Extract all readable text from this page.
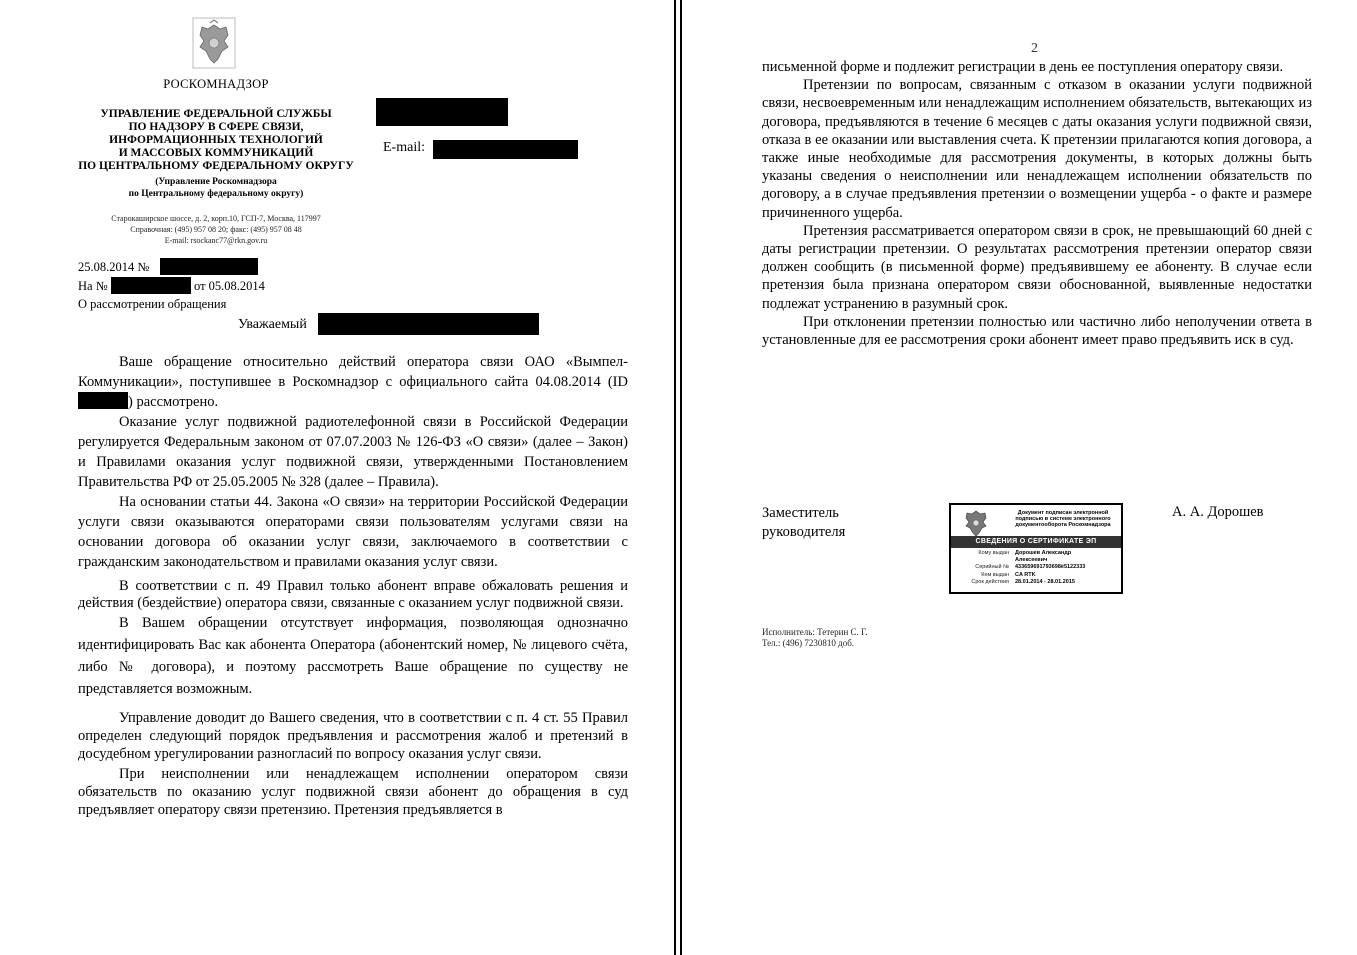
РОСКОМНАДЗОР
УПРАВЛЕНИЕ ФЕДЕРАЛЬНОЙ СЛУЖБЫ
ПО НАДЗОРУ В СФЕРЕ СВЯЗИ,
ИНФОРМАЦИОННЫХ ТЕХНОЛОГИЙ
И МАССОВЫХ КОММУНИКАЦИЙ
ПО ЦЕНТРАЛЬНОМУ ФЕДЕРАЛЬНОМУ ОКРУГУ
(Управление Роскомнадзора
по Центральному федеральному округу)
Старокаширское шоссе, д. 2, корп.10, ГСП-7, Москва, 117997
Справочная: (495) 957 08 20; факс: (495) 957 08 48
E-mail: rsockanc77@rkn.gov.ru
E-mail:
25.08.2014 №
На №	от 05.08.2014
О рассмотрении обращения
Уважаемый

Ваше обращение относительно действий оператора связи ОАО «Вымпел-Коммуникации», поступившее в Роскомнадзор с официального сайта 04.08.2014 (ID ) рассмотрено.

Оказание услуг подвижной радиотелефонной связи в Российской Федерации регулируется Федеральным законом от 07.07.2003 № 126-ФЗ «О связи» (далее – Закон) и Правилами оказания услуг подвижной связи, утвержденными Постановлением Правительства РФ от 25.05.2005 № 328 (далее – Правила).

На основании статьи 44. Закона «О связи» на территории Российской Федерации услуги связи оказываются операторами связи пользователям услугами связи на основании договора об оказании услуг связи, заключаемого в соответствии с гражданским законодательством и правилами оказания услуг связи.

В соответствии с п. 49 Правил только абонент вправе обжаловать решения и действия (бездействие) оператора связи, связанные с оказанием услуг подвижной связи.

В Вашем обращении отсутствует информация, позволяющая однозначно идентифицировать Вас как абонента Оператора (абонентский номер, № лицевого счёта, либо № договора), и поэтому рассмотреть Ваше обращение по существу не представляется возможным.

Управление доводит до Вашего сведения, что в соответствии с п. 4 ст. 55 Правил определен следующий порядок предъявления и рассмотрения жалоб и претензий в досудебном урегулировании разногласий по вопросу оказания услуг связи.

При неисполнении или ненадлежащем исполнении оператором связи обязательств по оказанию услуг подвижной связи абонент до обращения в суд предъявляет оператору связи претензию. Претензия предъявляется в

2

письменной форме и подлежит регистрации в день ее поступления оператору связи.

Претензии по вопросам, связанным с отказом в оказании услуги подвижной связи, несвоевременным или ненадлежащим исполнением обязательств, вытекающих из договора, предъявляются в течение 6 месяцев с даты оказания услуги подвижной связи, отказа в ее оказании или выставления счета. К претензии прилагаются копия договора, а также иные необходимые для рассмотрения документы, в которых должны быть указаны сведения о неисполнении или ненадлежащем исполнении обязательств по договору, а в случае предъявления претензии о возмещении ущерба - о факте и размере причиненного ущерба.

Претензия рассматривается оператором связи в срок, не превышающий 60 дней с даты регистрации претензии. О результатах рассмотрения претензии оператор связи должен сообщить (в письменной форме) предъявившему ее абоненту. В случае если претензия была признана оператором связи обоснованной, выявленные недостатки подлежат устранению в разумный срок.

При отклонении претензии полностью или частично либо неполучении ответа в установленные для ее рассмотрения сроки абонент имеет право предъявить иск в суд.

Заместитель
руководителя
Документ подписан электронной подписью в системе электронного документооборота Роскомнадзора
СВЕДЕНИЯ О СЕРТИФИКАТЕ ЭП
Кому выдан	Дорошев Александр
Алексеевич
Серийный №	433659691793698ё5122333
Кем выдан	CA RTK
Срок действия	28.01.2014 - 28.01.2015
А. А. Дорошев
Исполнитель: Тетерин С. Г.
Тел.: (496) 7230810 доб.
